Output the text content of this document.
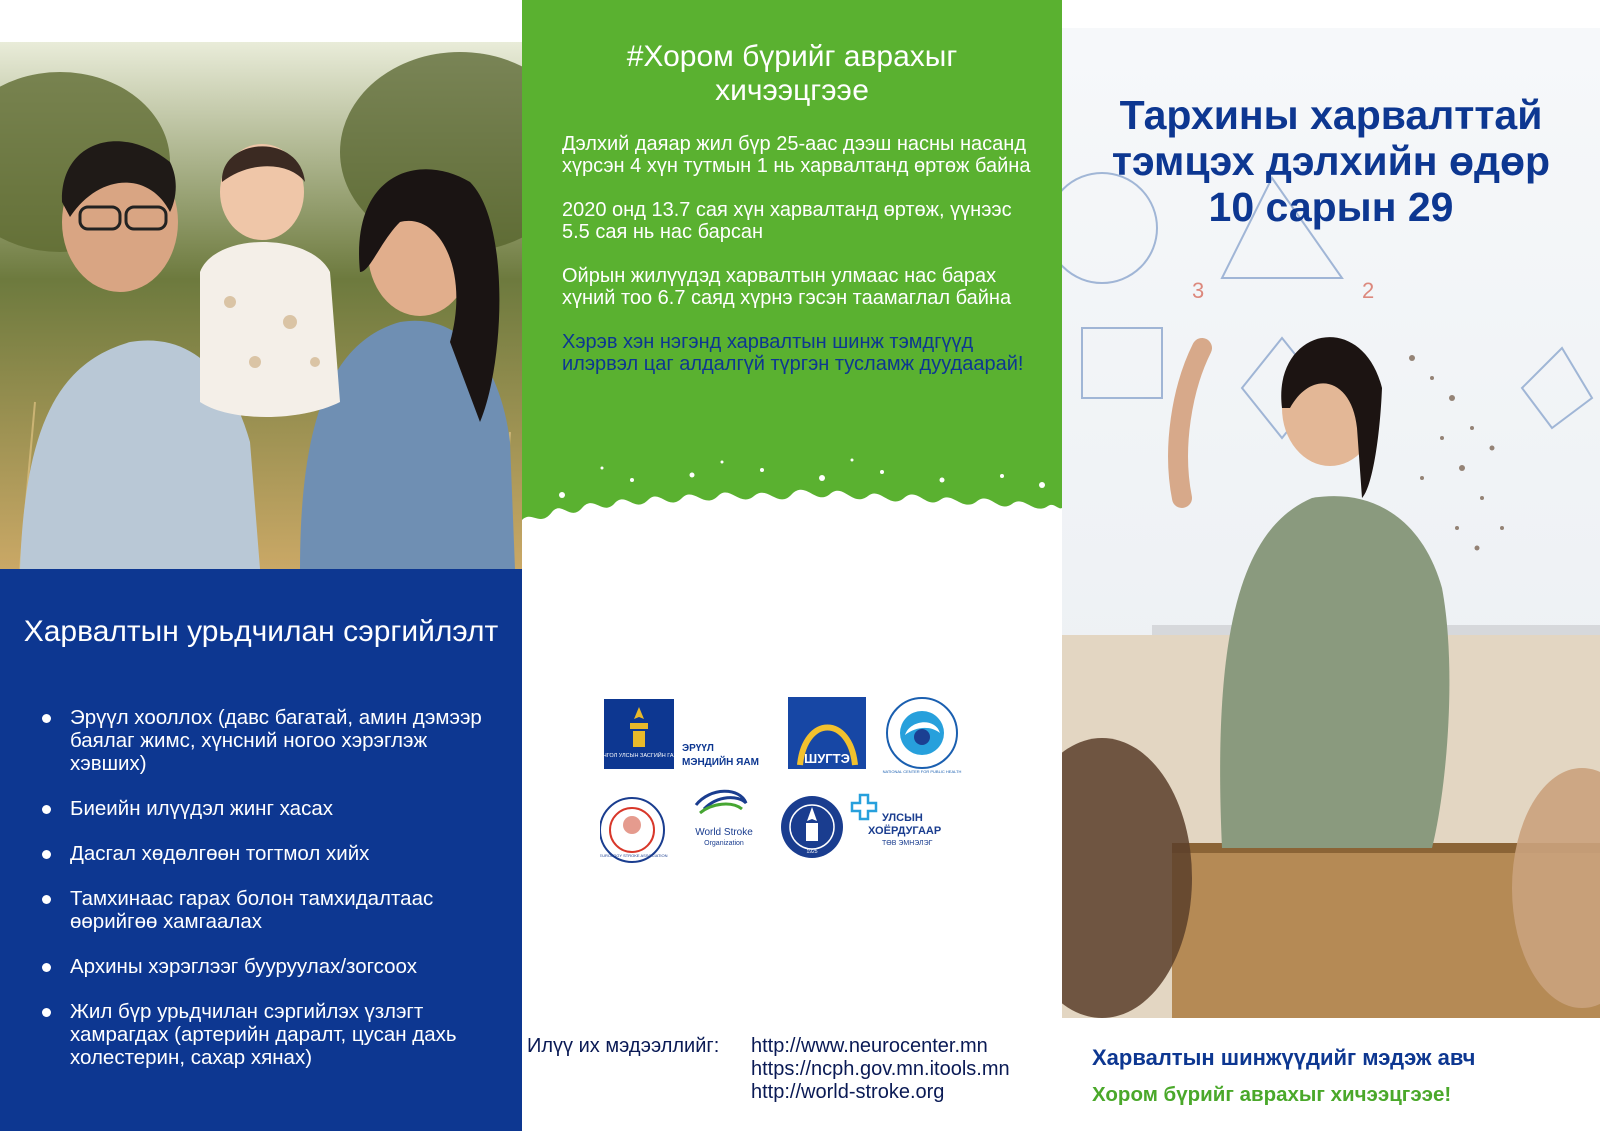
Харвалтын урьдчилан сэргийлэлт
Эрүүл хооллох (давс багатай, амин дэмээр баялаг жимс, хүнсний ногоо хэрэглэж хэвших)
Биеийн илүүдэл жинг хасах
Дасгал хөдөлгөөн тогтмол хийх
Тамхинаас гарах болон тамхидалтаас өөрийгөө хамгаалах
Архины хэрэглээг бууруулах/зогсоох
Жил бүр урьдчилан сэргийлэх үзлэгт хамрагдах (артерийн даралт, цусан дахь холестерин, сахар хянах)
#Хором бүрийг аврахыг хичээцгээе

Дэлхий даяар жил бүр 25-аас дээш насны насанд хүрсэн 4 хүн тутмын 1 нь харвалтанд өртөж байна

2020 онд 13.7 сая хүн харвалтанд өртөж, үүнээс 5.5 сая нь нас барсан

Ойрын жилүүдэд харвалтын улмаас нас барах хүний тоо 6.7 саяд хүрнэ гэсэн таамаглал байна

Хэрэв хэн нэгэнд харвалтын шинж тэмдгүүд илэрвэл цаг алдалгүй түргэн тусламж дуудаарай!

МОНГОЛ УЛСЫН ЗАСГИЙН ГАЗАР
ЭРҮҮЛ
МЭНДИЙН ЯАМ	ШУГТЭ
NATIONAL CENTER FOR PUBLIC HEALTH
NEUROLOGY STROKE ASSOCIATION
World Stroke
Organization
1925
УЛСЫН
ХОЁРДУГААР
ТӨВ ЭМНЭЛЭГ
Илүү их мэдээллийг: http://www.neurocenter.mn
https://ncph.gov.mn.itools.mn
http://world-stroke.org
3	2
Тархины харвалттай
тэмцэх дэлхийн өдөр
10 сарын 29
Харвалтын шинжүүдийг мэдэж авч
Хором бүрийг аврахыг хичээцгээе!
